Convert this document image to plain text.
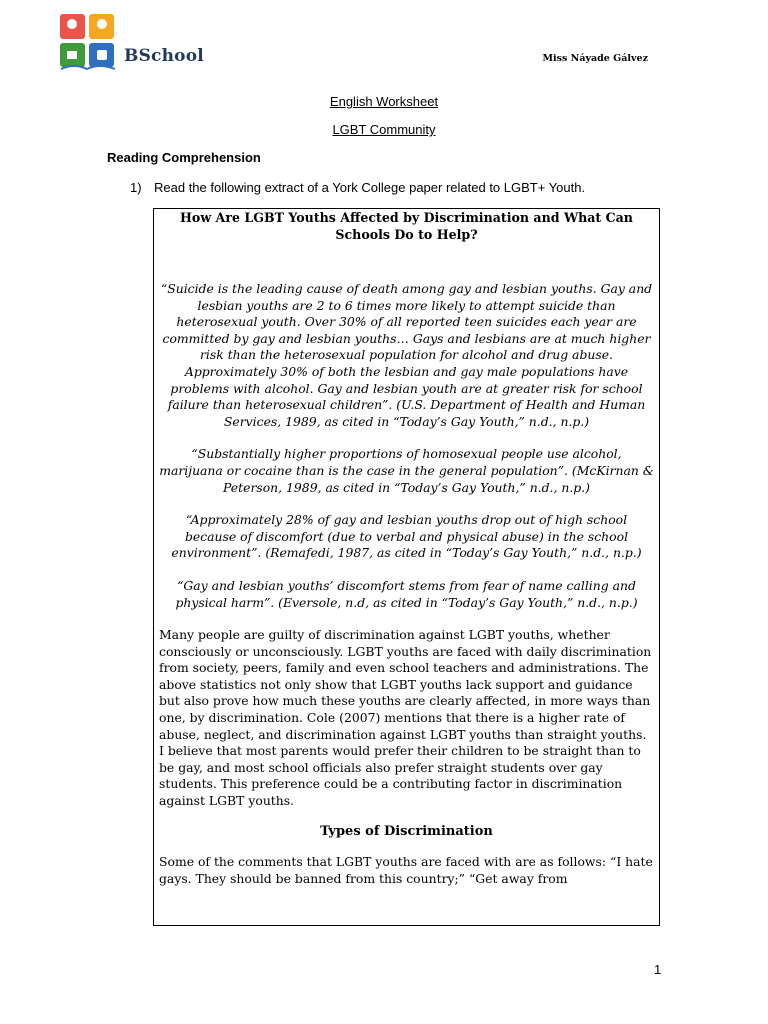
BSchool	Miss Náyade Gálvez
English Worksheet
LGBT Community
Reading Comprehension
1) Read the following extract of a York College paper related to LGBT+ Youth.

How Are LGBT Youths Affected by Discrimination and What Can Schools Do to Help?

“Suicide is the leading cause of death among gay and lesbian youths. Gay and lesbian youths are 2 to 6 times more likely to attempt suicide than heterosexual youth. Over 30% of all reported teen suicides each year are committed by gay and lesbian youths… Gays and lesbians are at much higher risk than the heterosexual population for alcohol and drug abuse. Approximately 30% of both the lesbian and gay male populations have problems with alcohol. Gay and lesbian youth are at greater risk for school failure than heterosexual children”. (U.S. Department of Health and Human Services, 1989, as cited in “Today’s Gay Youth,” n.d., n.p.)

“Substantially higher proportions of homosexual people use alcohol, marijuana or cocaine than is the case in the general population”. (McKirnan & Peterson, 1989, as cited in “Today’s Gay Youth,” n.d., n.p.)

“Approximately 28% of gay and lesbian youths drop out of high school because of discomfort (due to verbal and physical abuse) in the school environment”. (Remafedi, 1987, as cited in “Today’s Gay Youth,” n.d., n.p.)

“Gay and lesbian youths’ discomfort stems from fear of name calling and physical harm”. (Eversole, n.d, as cited in “Today’s Gay Youth,” n.d., n.p.)

Many people are guilty of discrimination against LGBT youths, whether consciously or unconsciously. LGBT youths are faced with daily discrimination from society, peers, family and even school teachers and administrations. The above statistics not only show that LGBT youths lack support and guidance but also prove how much these youths are clearly affected, in more ways than one, by discrimination. Cole (2007) mentions that there is a higher rate of abuse, neglect, and discrimination against LGBT youths than straight youths. I believe that most parents would prefer their children to be straight than to be gay, and most school officials also prefer straight students over gay students. This preference could be a contributing factor in discrimination against LGBT youths.

Types of Discrimination

Some of the comments that LGBT youths are faced with are as follows: “I hate gays. They should be banned from this country;” “Get away from

1
